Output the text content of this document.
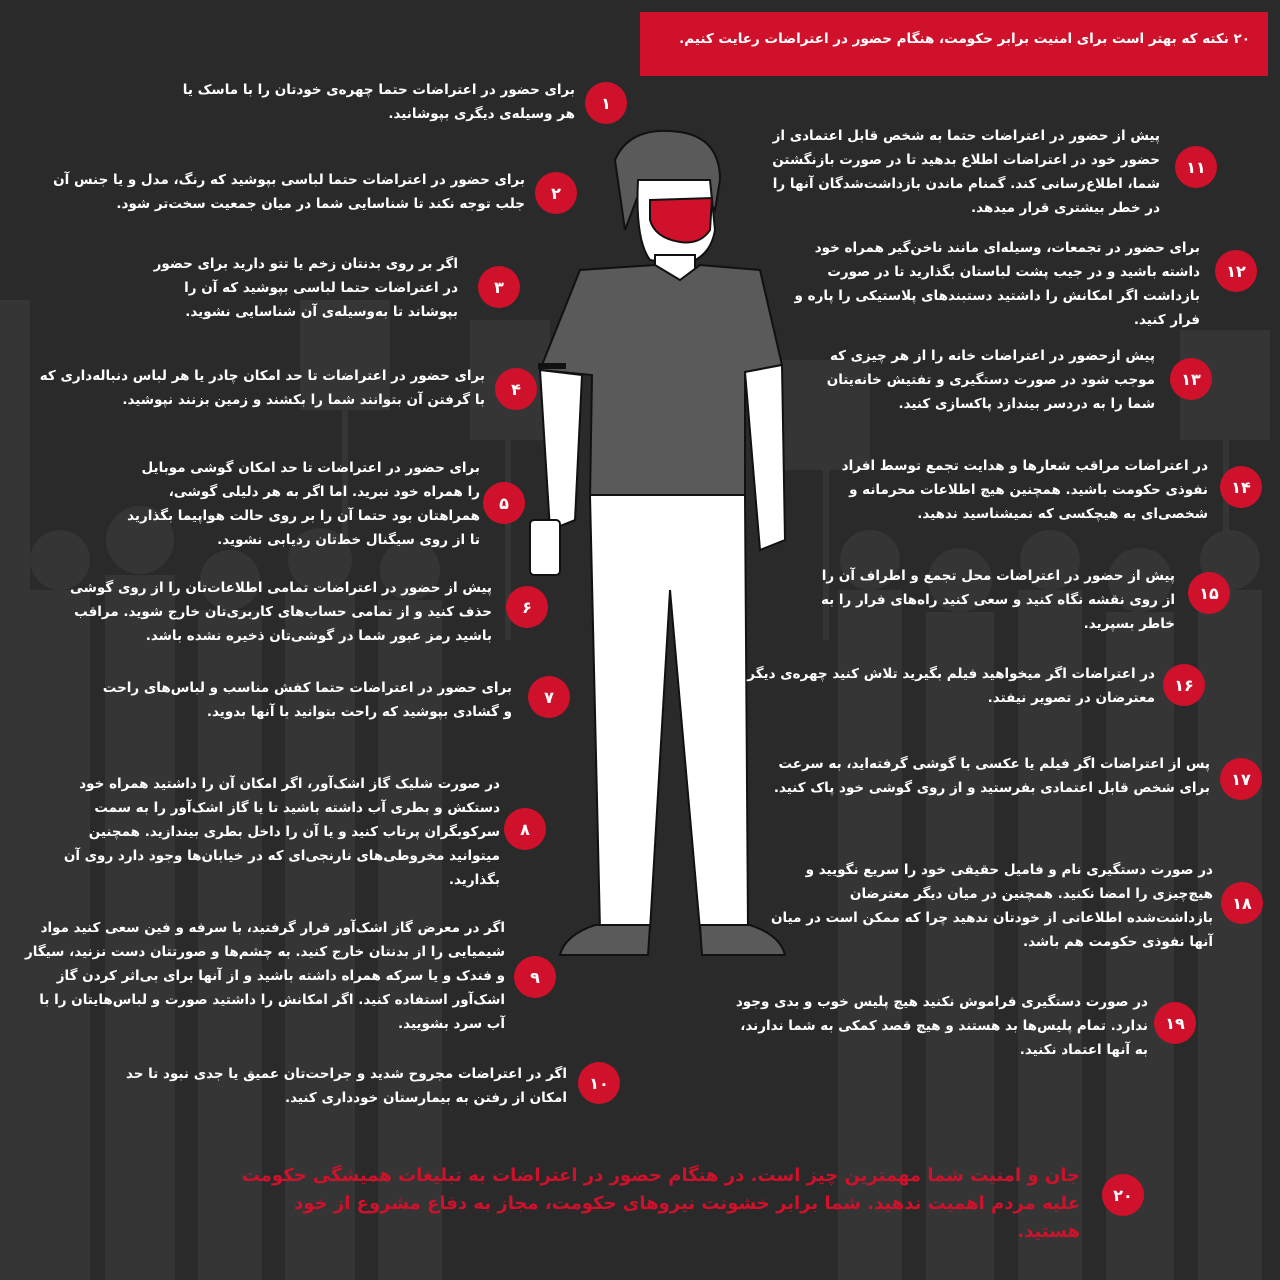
۲۰ نکته که بهتر است برای امنیت برابر حکومت، هنگام حضور در اعتراضات رعایت کنیم.
برای حضور در اعتراضات حتما چهره‌ی خودتان را با ماسک یا هر وسیله‌ی دیگری بپوشانید.
۱
برای حضور در اعتراضات حتما لباسی بپوشید که رنگ، مدل و یا جنس آن جلب توجه نکند تا شناسایی شما در میان جمعیت سخت‌تر شود.
۲
اگر بر روی بدنتان زخم یا تتو دارید برای حضور در اعتراضات حتما لباسی بپوشید که آن را بپوشاند تا به‌وسیله‌ی آن شناسایی نشوید.
۳
برای حضور در اعتراضات تا حد امکان چادر یا هر لباس دنباله‌داری که با گرفتن آن بتوانند شما را بکشند و زمین بزنند نپوشید.
۴
برای حضور در اعتراضات تا حد امکان گوشی موبایل را همراه خود نبرید. اما اگر به هر دلیلی گوشی، همراهتان بود حتما آن را بر روی حالت هواپیما بگذارید تا از روی سیگنال خط‌تان ردیابی نشوید.
۵
پیش از حضور در اعتراضات تمامی اطلاعات‌تان را از روی گوشی حذف کنید و از تمامی حساب‌های کاربری‌تان خارج شوید. مراقب باشید رمز عبور شما در گوشی‌تان ذخیره نشده باشد.
۶
برای حضور در اعتراضات حتما کفش مناسب و لباس‌های راحت و گشادی بپوشید که راحت بتوانید با آنها بدوید.
۷
در صورت شلیک گاز اشک‌آور، اگر امکان آن را داشتید همراه خود دستکش و بطری آب داشته باشید تا یا گاز اشک‌آور را به سمت سرکوبگران پرتاب کنید و یا آن را داخل بطری بیندازید. همچنین میتوانید مخروطی‌های نارنجی‌ای که در خیابان‌ها وجود دارد روی آن بگذارید.
۸
اگر در معرض گاز اشک‌آور قرار گرفتید، با سرفه و فین سعی کنید مواد شیمیایی را از بدنتان خارج کنید. به چشم‌ها و صورتتان دست نزنید، سیگار و فندک و یا سرکه همراه داشته باشید و از آنها برای بی‌اثر کردن گاز اشک‌آور استفاده کنید. اگر امکانش را داشتید صورت و لباس‌هایتان را با آب سرد بشویید.
۹
اگر در اعتراضات مجروح شدید و جراحت‌تان عمیق یا جدی نبود تا حد امکان از رفتن به بیمارستان خودداری کنید.
۱۰
پیش از حضور در اعتراضات حتما به شخص قابل اعتمادی از حضور خود در اعتراضات اطلاع بدهید تا در صورت بازنگشتن شما، اطلاع‌رسانی کند. گمنام ماندن بازداشت‌شدگان آنها را در خطر بیشتری قرار میدهد.
۱۱
برای حضور در تجمعات، وسیله‌ای مانند ناخن‌گیر همراه خود داشته باشید و در جیب پشت لباستان بگذارید تا در صورت بازداشت اگر امکانش را داشتید دستبندهای پلاستیکی را پاره و فرار کنید.
۱۲
پیش ازحضور در اعتراضات خانه را از هر چیزی که موجب شود در صورت دستگیری و تفتیش خانه‌یتان شما را به دردسر بیندازد پاکسازی کنید.
۱۳
در اعتراضات مراقب شعارها و هدایت تجمع توسط افراد نفوذی حکومت باشید. همچنین هیچ اطلاعات محرمانه و شخصی‌ای به هیچکسی که نمیشناسید ندهید.
۱۴
پیش از حضور در اعتراضات محل تجمع و اطراف آن را از روی نقشه نگاه کنید و سعی کنید راه‌های فرار را به خاطر بسپرید.
۱۵
در اعتراضات اگر میخواهید فیلم بگیرید تلاش کنید چهره‌ی دیگر معترضان در تصویر نیفتد.
۱۶
پس از اعتراضات اگر فیلم یا عکسی با گوشی گرفته‌اید، به سرعت برای شخص قابل اعتمادی بفرستید و از روی گوشی خود پاک کنید.	۱۷
در صورت دستگیری نام و فامیل حقیقی خود را سریع نگویید و هیچ‌چیزی را امضا نکنید. همچنین در میان دیگر معترضان بازداشت‌شده اطلاعاتی از خودتان ندهید چرا که ممکن است در میان آنها نفوذی حکومت هم باشد.
۱۸
در صورت دستگیری فراموش نکنید هیچ پلیس خوب و بدی وجود ندارد. تمام پلیس‌ها بد هستند و هیچ قصد کمکی به شما ندارند، به آنها اعتماد نکنید.
۱۹
جان و امنیت شما مهمترین چیز است. در هنگام حضور در اعتراضات به تبلیغات همیشگی حکومت علیه مردم اهمیت ندهید. شما برابر خشونت نیروهای حکومت، مجاز به دفاع مشروع از خود هستید.
۲۰
